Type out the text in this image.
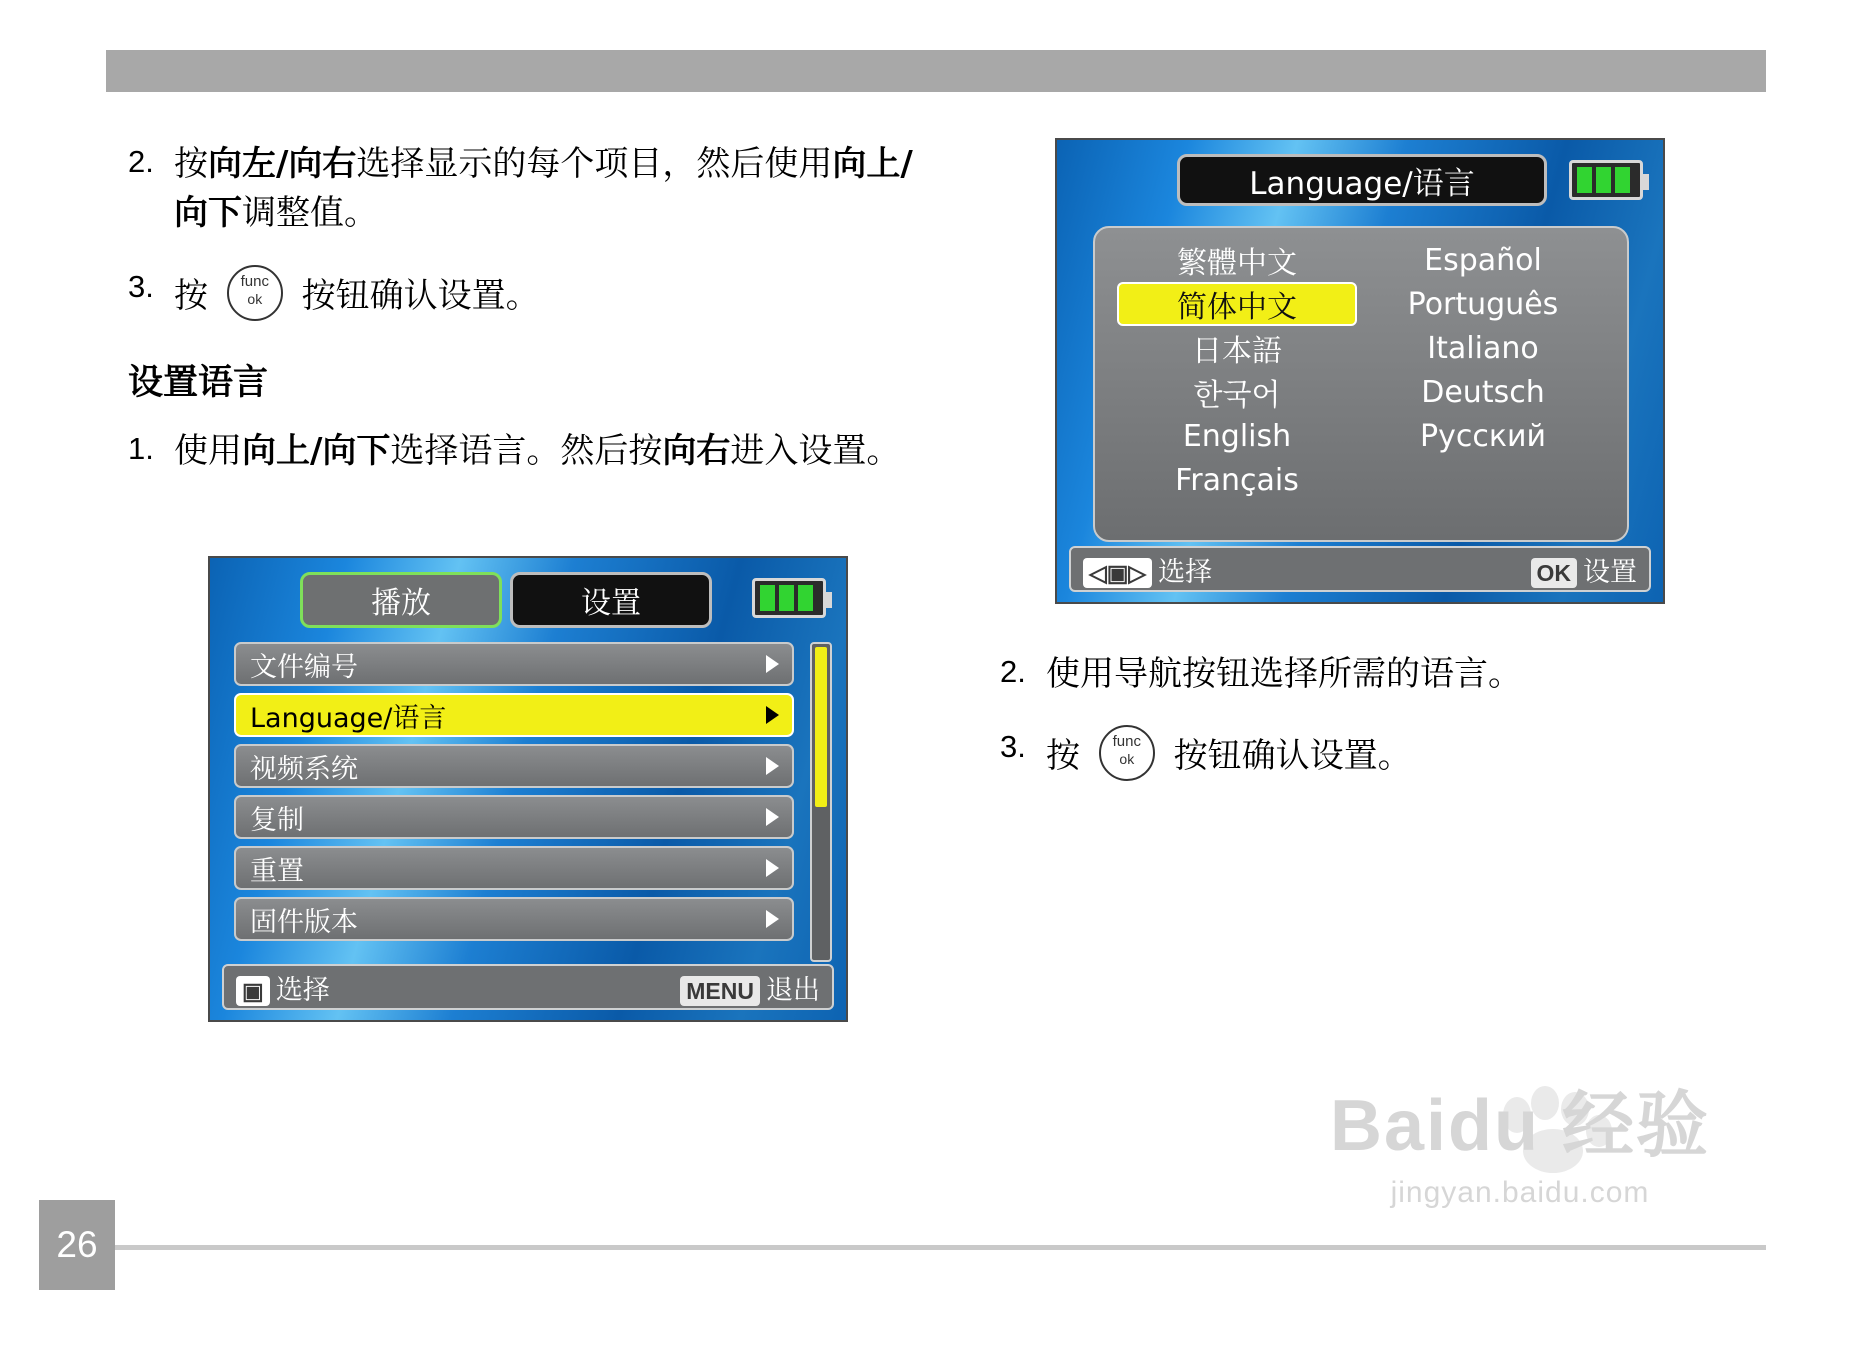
26
2. 按向左/向右选择显示的每个项目，然后使用向上/向下调整值。
3. 按	func
ok	按钮确认设置。
设置语言
1. 使用向上/向下选择语言。然后按向右进入设置。
播放	设置
文件编号
Language/语言
视频系统
复制
重置
固件版本
▣ 选择	MENU 退出
Language/语言
繁體中文
简体中文
日本語
한국어
English
Français
Español
Português
Italiano
Deutsch
Русский
◁▣▷ 选择	OK 设置
2. 使用导航按钮选择所需的语言。
3. 按	func
ok	按钮确认设置。
Baidu 经验
jingyan.baidu.com
